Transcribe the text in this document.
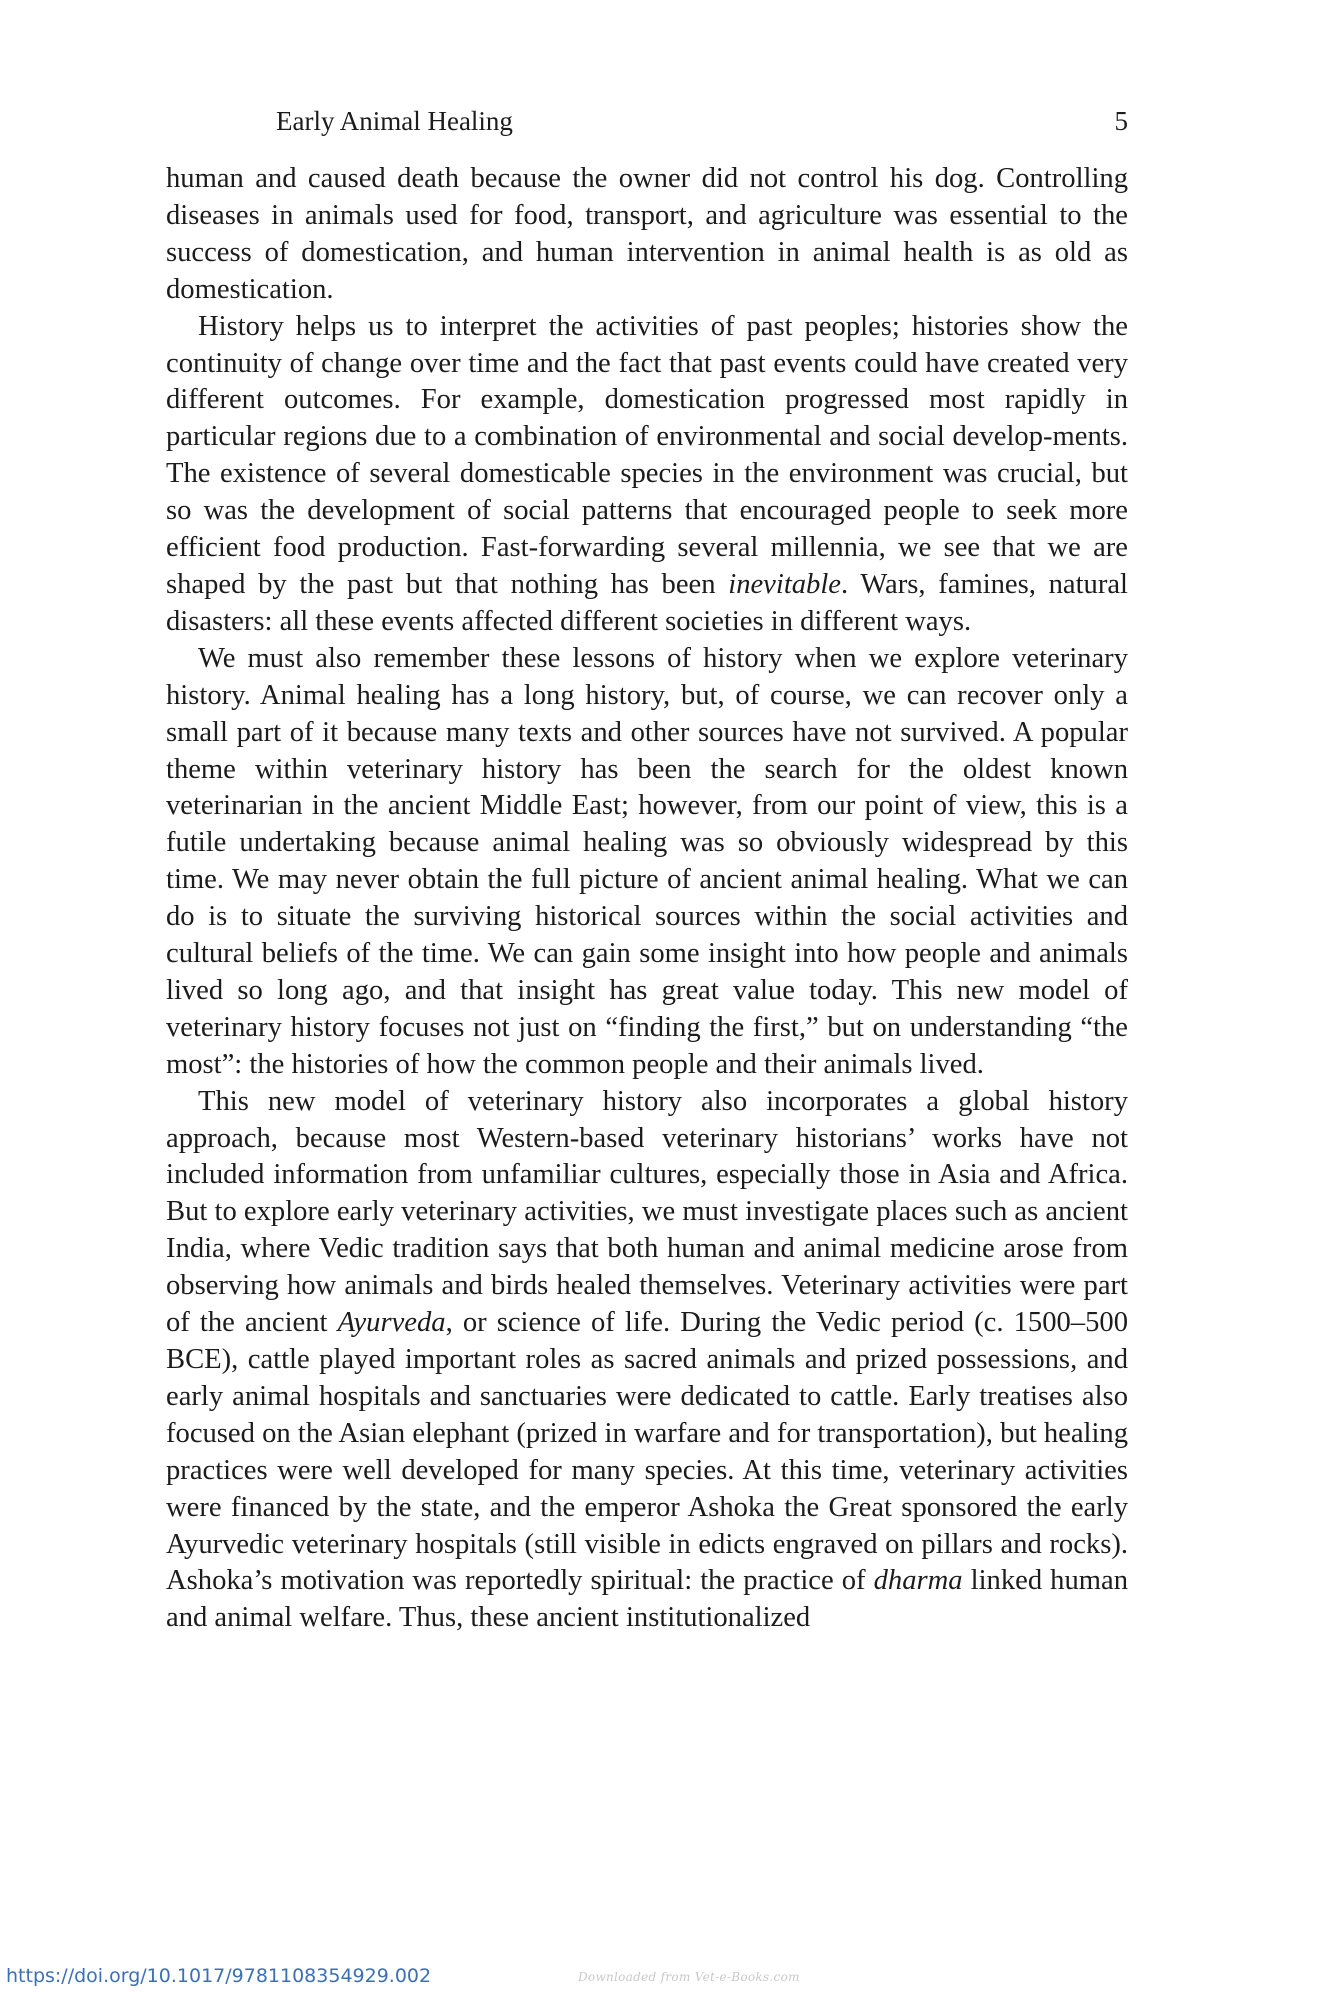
Early Animal Healing	5

human and caused death because the owner did not control his dog. Controlling diseases in animals used for food, transport, and agriculture was essential to the success of domestication, and human intervention in animal health is as old as domestication.

History helps us to interpret the activities of past peoples; histories show the continuity of change over time and the fact that past events could have created very different outcomes. For example, domestication progressed most rapidly in particular regions due to a combination of environmental and social develop-ments. The existence of several domesticable species in the environment was crucial, but so was the development of social patterns that encouraged people to seek more efficient food production. Fast-forwarding several millennia, we see that we are shaped by the past but that nothing has been inevitable. Wars, famines, natural disasters: all these events affected different societies in different ways.

We must also remember these lessons of history when we explore veterinary history. Animal healing has a long history, but, of course, we can recover only a small part of it because many texts and other sources have not survived. A popular theme within veterinary history has been the search for the oldest known veterinarian in the ancient Middle East; however, from our point of view, this is a futile undertaking because animal healing was so obviously widespread by this time. We may never obtain the full picture of ancient animal healing. What we can do is to situate the surviving historical sources within the social activities and cultural beliefs of the time. We can gain some insight into how people and animals lived so long ago, and that insight has great value today. This new model of veterinary history focuses not just on “finding the first,” but on understanding “the most”: the histories of how the common people and their animals lived.

This new model of veterinary history also incorporates a global history approach, because most Western-based veterinary historians’ works have not included information from unfamiliar cultures, especially those in Asia and Africa. But to explore early veterinary activities, we must investigate places such as ancient India, where Vedic tradition says that both human and animal medicine arose from observing how animals and birds healed themselves. Veterinary activities were part of the ancient Ayurveda, or science of life. During the Vedic period (c. 1500–500 BCE), cattle played important roles as sacred animals and prized possessions, and early animal hospitals and sanctuaries were dedicated to cattle. Early treatises also focused on the Asian elephant (prized in warfare and for transportation), but healing practices were well developed for many species. At this time, veterinary activities were financed by the state, and the emperor Ashoka the Great sponsored the early Ayurvedic veterinary hospitals (still visible in edicts engraved on pillars and rocks). Ashoka’s motivation was reportedly spiritual: the practice of dharma linked human and animal welfare. Thus, these ancient institutionalized

https://doi.org/10.1017/9781108354929.002	Downloaded from Vet-e-Books.com
